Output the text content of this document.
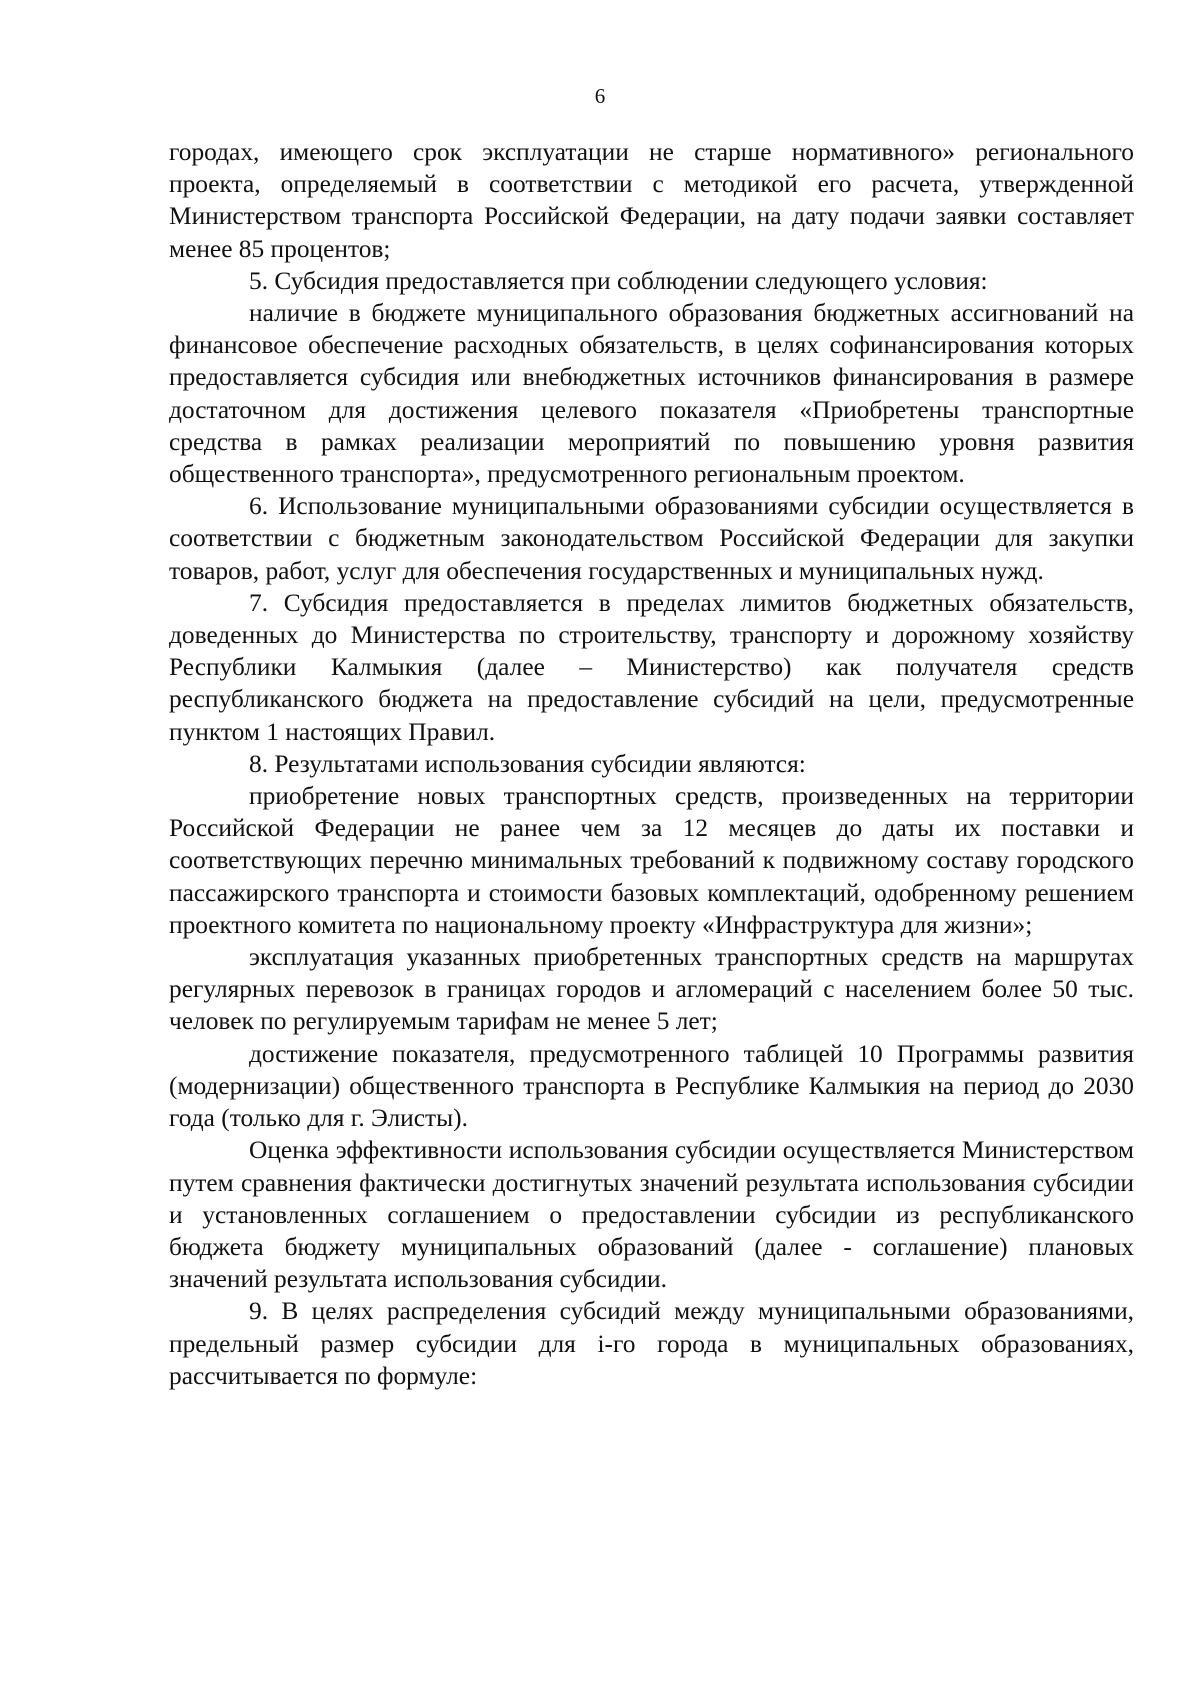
6

городах, имеющего срок эксплуатации не старше нормативного» регионального проекта, определяемый в соответствии с методикой его расчета, утвержденной Министерством транспорта Российской Федерации, на дату подачи заявки составляет менее 85 процентов;

5. Субсидия предоставляется при соблюдении следующего условия:

наличие в бюджете муниципального образования бюджетных ассигнований на финансовое обеспечение расходных обязательств, в целях софинансирования которых предоставляется субсидия или внебюджетных источников финансирования в размере достаточном для достижения целевого показателя «Приобретены транспортные средства в рамках реализации мероприятий по повышению уровня развития общественного транспорта», предусмотренного региональным проектом.

6. Использование муниципальными образованиями субсидии осуществляется в соответствии с бюджетным законодательством Российской Федерации для закупки товаров, работ, услуг для обеспечения государственных и муниципальных нужд.

7. Субсидия предоставляется в пределах лимитов бюджетных обязательств, доведенных до Министерства по строительству, транспорту и дорожному хозяйству Республики Калмыкия (далее – Министерство) как получателя средств республиканского бюджета на предоставление субсидий на цели, предусмотренные пунктом 1 настоящих Правил.

8. Результатами использования субсидии являются:

приобретение новых транспортных средств, произведенных на территории Российской Федерации не ранее чем за 12 месяцев до даты их поставки и соответствующих перечню минимальных требований к подвижному составу городского пассажирского транспорта и стоимости базовых комплектаций, одобренному решением проектного комитета по национальному проекту «Инфраструктура для жизни»;

эксплуатация указанных приобретенных транспортных средств на маршрутах регулярных перевозок в границах городов и агломераций с населением более 50 тыс. человек по регулируемым тарифам не менее 5 лет;

достижение показателя, предусмотренного таблицей 10 Программы развития (модернизации) общественного транспорта в Республике Калмыкия на период до 2030 года (только для г. Элисты).

Оценка эффективности использования субсидии осуществляется Министерством путем сравнения фактически достигнутых значений результата использования субсидии и установленных соглашением о предоставлении субсидии из республиканского бюджета бюджету муниципальных образований (далее - соглашение) плановых значений результата использования субсидии.

9. В целях распределения субсидий между муниципальными образованиями, предельный размер субсидии для i-го города в муниципальных образованиях, рассчитывается по формуле:
